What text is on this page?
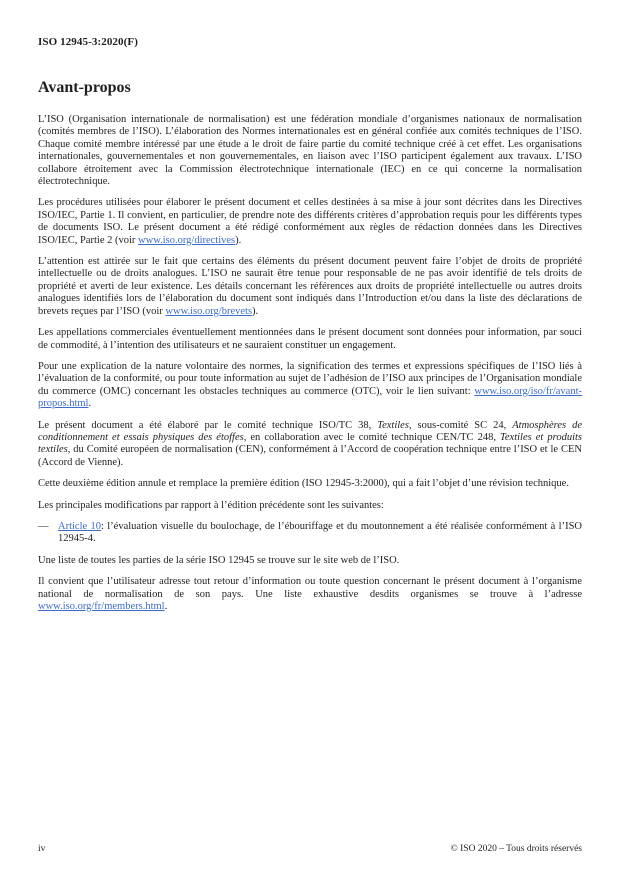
ISO 12945-3:2020(F)
Avant-propos

L’ISO (Organisation internationale de normalisation) est une fédération mondiale d’organismes nationaux de normalisation (comités membres de l’ISO). L’élaboration des Normes internationales est en général confiée aux comités techniques de l’ISO. Chaque comité membre intéressé par une étude a le droit de faire partie du comité technique créé à cet effet. Les organisations internationales, gouvernementales et non gouvernementales, en liaison avec l’ISO participent également aux travaux. L’ISO collabore étroitement avec la Commission électrotechnique internationale (IEC) en ce qui concerne la normalisation électrotechnique.

Les procédures utilisées pour élaborer le présent document et celles destinées à sa mise à jour sont décrites dans les Directives ISO/IEC, Partie 1. Il convient, en particulier, de prendre note des différents critères d’approbation requis pour les différents types de documents ISO. Le présent document a été rédigé conformément aux règles de rédaction données dans les Directives ISO/IEC, Partie 2 (voir www.iso.org/directives).

L’attention est attirée sur le fait que certains des éléments du présent document peuvent faire l’objet de droits de propriété intellectuelle ou de droits analogues. L’ISO ne saurait être tenue pour responsable de ne pas avoir identifié de tels droits de propriété et averti de leur existence. Les détails concernant les références aux droits de propriété intellectuelle ou autres droits analogues identifiés lors de l’élaboration du document sont indiqués dans l’Introduction et/ou dans la liste des déclarations de brevets reçues par l’ISO (voir www.iso.org/brevets).

Les appellations commerciales éventuellement mentionnées dans le présent document sont données pour information, par souci de commodité, à l’intention des utilisateurs et ne sauraient constituer un engagement.

Pour une explication de la nature volontaire des normes, la signification des termes et expressions spécifiques de l’ISO liés à l’évaluation de la conformité, ou pour toute information au sujet de l’adhésion de l’ISO aux principes de l’Organisation mondiale du commerce (OMC) concernant les obstacles techniques au commerce (OTC), voir le lien suivant: www.iso.org/iso/fr/avant-propos.html.

Le présent document a été élaboré par le comité technique ISO/TC 38, Textiles, sous-comité SC 24, Atmosphères de conditionnement et essais physiques des étoffes, en collaboration avec le comité technique CEN/TC 248, Textiles et produits textiles, du Comité européen de normalisation (CEN), conformément à l’Accord de coopération technique entre l’ISO et le CEN (Accord de Vienne).

Cette deuxième édition annule et remplace la première édition (ISO 12945-3:2000), qui a fait l’objet d’une révision technique.

Les principales modifications par rapport à l’édition précédente sont les suivantes:

— Article 10: l’évaluation visuelle du boulochage, de l’ébouriffage et du moutonnement a été réalisée conformément à l’ISO 12945-4.

Une liste de toutes les parties de la série ISO 12945 se trouve sur le site web de l’ISO.

Il convient que l’utilisateur adresse tout retour d’information ou toute question concernant le présent document à l’organisme national de normalisation de son pays. Une liste exhaustive desdits organismes se trouve à l’adresse www.iso.org/fr/members.html.

iv	© ISO 2020 – Tous droits réservés
